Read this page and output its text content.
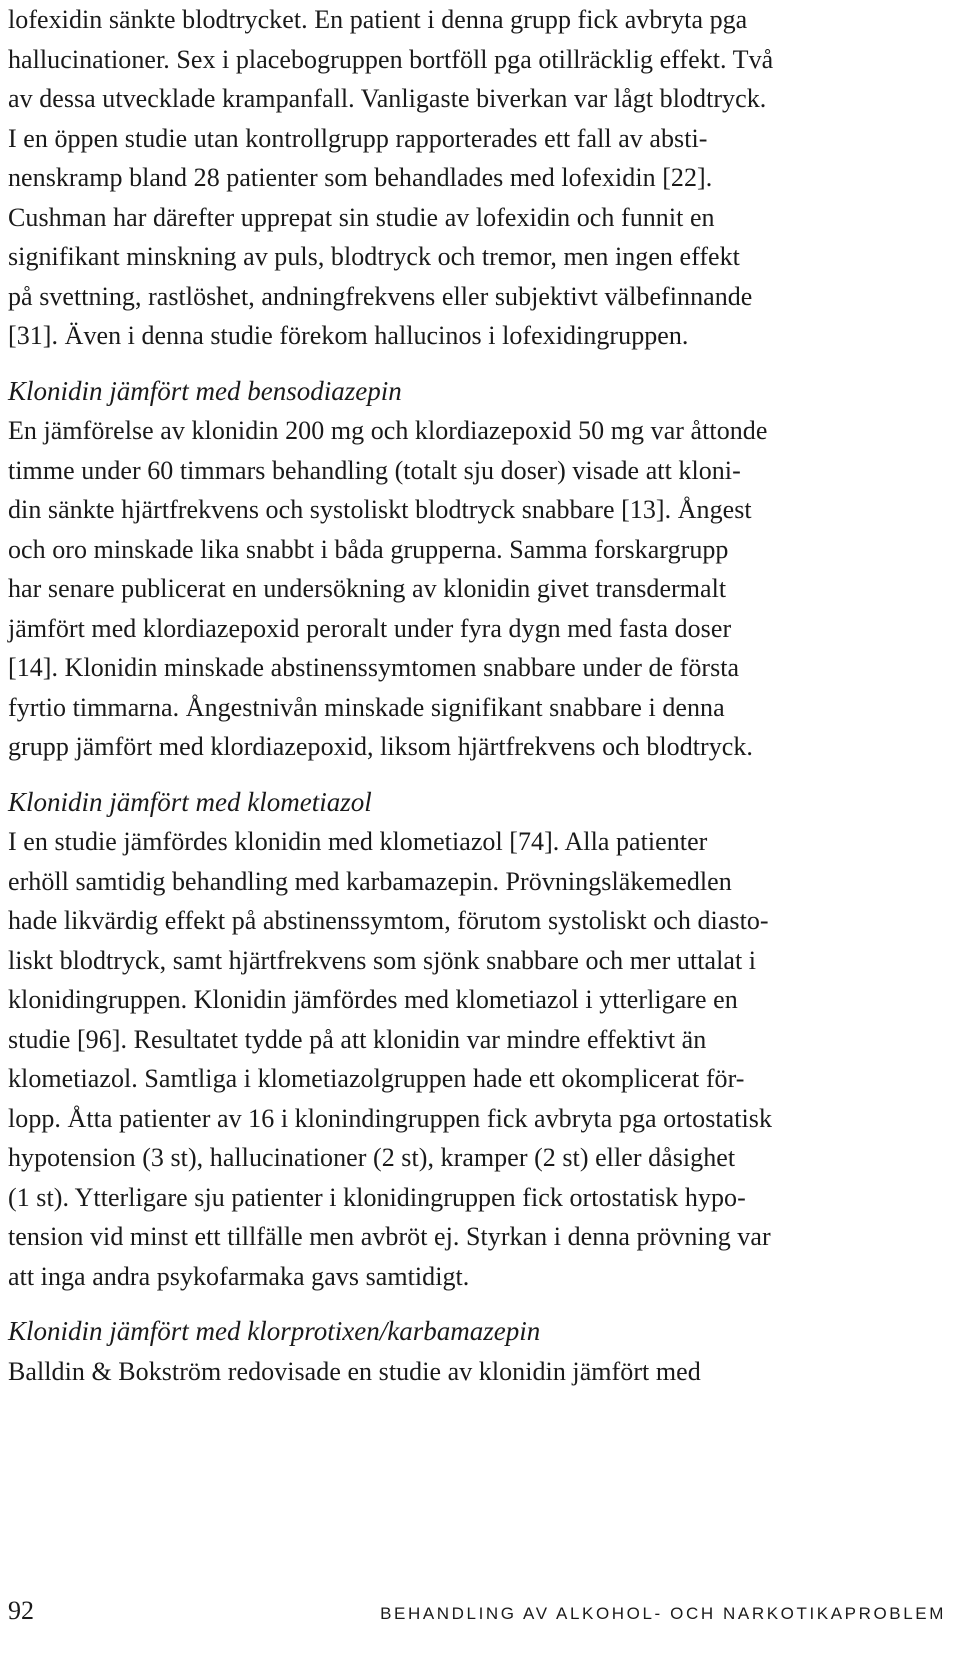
lofexidin sänkte blodtrycket. En patient i denna grupp fick avbryta pga
hallucinationer. Sex i placebogruppen bortföll pga otillräcklig effekt. Två
av dessa utvecklade krampanfall. Vanligaste biverkan var lågt blodtryck.
I en öppen studie utan kontrollgrupp rapporterades ett fall av absti-
nenskramp bland 28 patienter som behandlades med lofexidin [22].
Cushman har därefter upprepat sin studie av lofexidin och funnit en
signifikant minskning av puls, blodtryck och tremor, men ingen effekt
på svettning, rastlöshet, andningfrekvens eller subjektivt välbefinnande
[31]. Även i denna studie förekom hallucinos i lofexidingruppen.
Klonidin jämfört med bensodiazepin
En jämförelse av klonidin 200 mg och klordiazepoxid 50 mg var åttonde
timme under 60 timmars behandling (totalt sju doser) visade att kloni-
din sänkte hjärtfrekvens och systoliskt blodtryck snabbare [13]. Ångest
och oro minskade lika snabbt i båda grupperna. Samma forskargrupp
har senare publicerat en undersökning av klonidin givet transdermalt
jämfört med klordiazepoxid peroralt under fyra dygn med fasta doser
[14]. Klonidin minskade abstinenssymtomen snabbare under de första
fyrtio timmarna. Ångestnivån minskade signifikant snabbare i denna
grupp jämfört med klordiazepoxid, liksom hjärtfrekvens och blodtryck.
Klonidin jämfört med klometiazol
I en studie jämfördes klonidin med klometiazol [74]. Alla patienter
erhöll samtidig behandling med karbamazepin. Prövningsläkemedlen
hade likvärdig effekt på abstinenssymtom, förutom systoliskt och diasto-
liskt blodtryck, samt hjärtfrekvens som sjönk snabbare och mer uttalat i
klonidingruppen. Klonidin jämfördes med klometiazol i ytterligare en
studie [96]. Resultatet tydde på att klonidin var mindre effektivt än
klometiazol. Samtliga i klometiazolgruppen hade ett okomplicerat för-
lopp. Åtta patienter av 16 i klonindingruppen fick avbryta pga ortostatisk
hypotension (3 st), hallucinationer (2 st), kramper (2 st) eller dåsighet
(1 st). Ytterligare sju patienter i klonidingruppen fick ortostatisk hypo-
tension vid minst ett tillfälle men avbröt ej. Styrkan i denna prövning var
att inga andra psykofarmaka gavs samtidigt.
Klonidin jämfört med klorprotixen/karbamazepin
Balldin & Bokström redovisade en studie av klonidin jämfört med
92	BEHANDLING AV ALKOHOL- OCH NARKOTIKAPROBLEM
